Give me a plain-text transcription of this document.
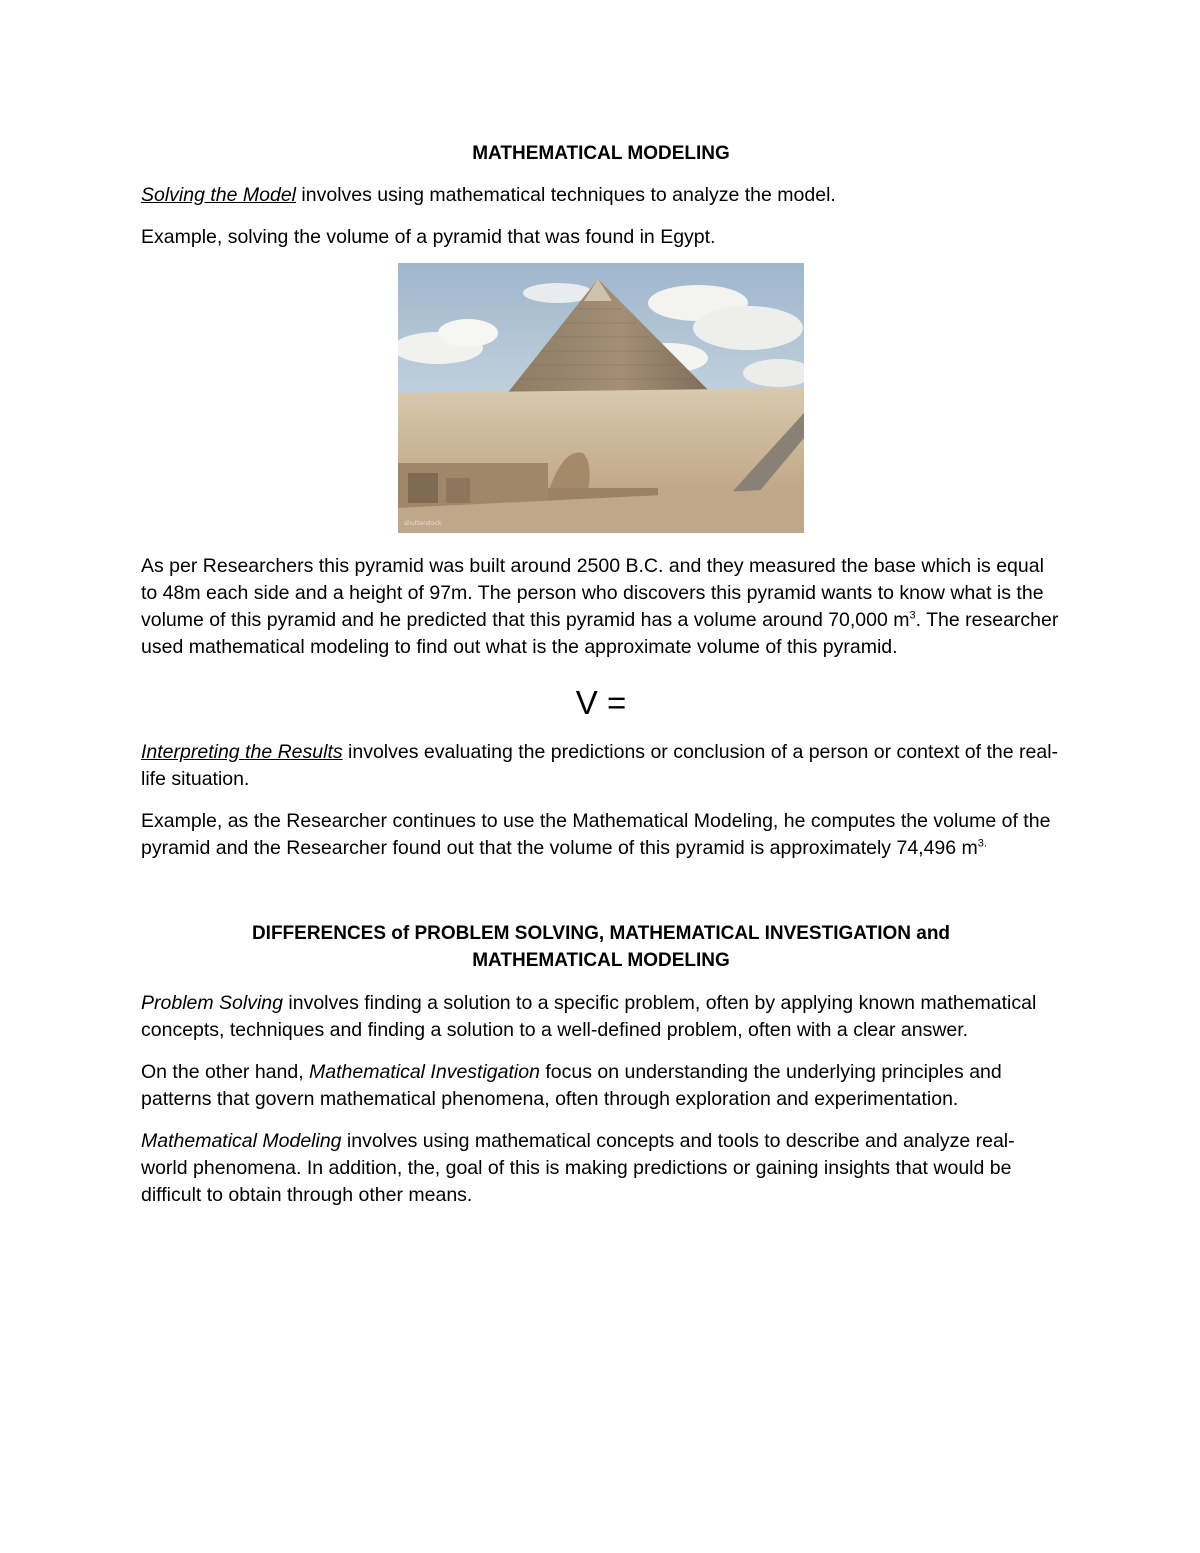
MATHEMATICAL MODELING

Solving the Model involves using mathematical techniques to analyze the model.

Example, solving the volume of a pyramid that was found in Egypt.

shutterstock

As per Researchers this pyramid was built around 2500 B.C. and they measured the base which is equal to 48m each side and a height of 97m. The person who discovers this pyramid wants to know what is the volume of this pyramid and he predicted that this pyramid has a volume around 70,000 $m^3$. The researcher used mathematical modeling to find out what is the approximate volume of this pyramid.

V =

Interpreting the Results involves evaluating the predictions or conclusion of a person or context of the real-life situation.

Example, as the Researcher continues to use the Mathematical Modeling, he computes the volume of the pyramid and the Researcher found out that the volume of this pyramid is approximately 74,496 $m^{3.}$

DIFFERENCES of PROBLEM SOLVING, MATHEMATICAL INVESTIGATION and
MATHEMATICAL MODELING

Problem Solving involves finding a solution to a specific problem, often by applying known mathematical concepts, techniques and finding a solution to a well-defined problem, often with a clear answer.

On the other hand, Mathematical Investigation focus on understanding the underlying principles and patterns that govern mathematical phenomena, often through exploration and experimentation.

Mathematical Modeling involves using mathematical concepts and tools to describe and analyze real-world phenomena. In addition, the, goal of this is making predictions or gaining insights that would be difficult to obtain through other means.
